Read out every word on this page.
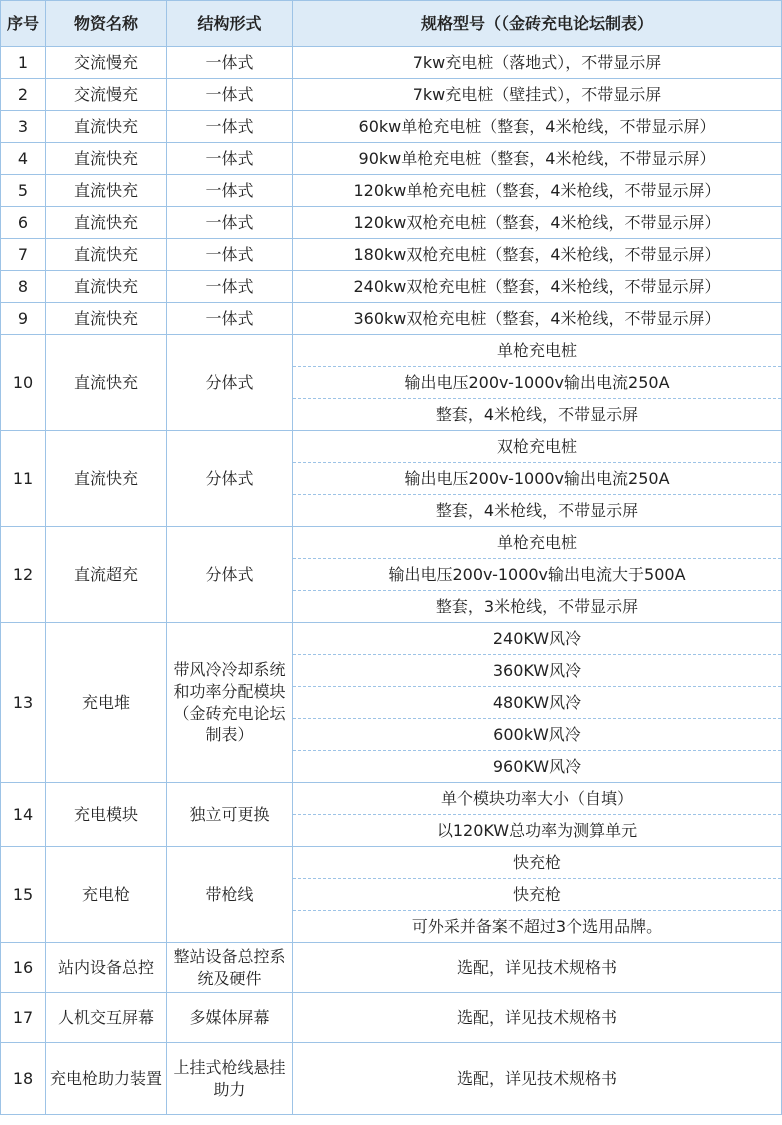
序号	物资名称	结构形式	规格型号（（金砖充电论坛制表）
1	交流慢充	一体式	7kw充电桩（落地式），不带显示屏
2	交流慢充	一体式	7kw充电桩（壁挂式），不带显示屏
3	直流快充	一体式	60kw单枪充电桩（整套，4米枪线，不带显示屏）
4	直流快充	一体式	90kw单枪充电桩（整套，4米枪线，不带显示屏）
5	直流快充	一体式	120kw单枪充电桩（整套，4米枪线，不带显示屏）
6	直流快充	一体式	120kw双枪充电桩（整套，4米枪线，不带显示屏）
7	直流快充	一体式	180kw双枪充电桩（整套，4米枪线，不带显示屏）
8	直流快充	一体式	240kw双枪充电桩（整套，4米枪线，不带显示屏）
9	直流快充	一体式	360kw双枪充电桩（整套，4米枪线，不带显示屏）
10	直流快充	分体式	单枪充电桩
			输出电压200v-1000v输出电流250A
			整套，4米枪线，不带显示屏
11	直流快充	分体式	双枪充电桩
			输出电压200v-1000v输出电流250A
			整套，4米枪线，不带显示屏
12	直流超充	分体式	单枪充电桩
			输出电压200v-1000v输出电流大于500A
			整套，3米枪线，不带显示屏
13	充电堆	带风冷冷却系统和功率分配模块（金砖充电论坛制表）	240KW风冷
			360KW风冷
			480KW风冷
			600kW风冷
			960KW风冷
14	充电模块	独立可更换	单个模块功率大小（自填）
			以120KW总功率为测算单元
15	充电枪	带枪线	快充枪
			快充枪
			可外采并备案不超过3个选用品牌。
16	站内设备总控	整站设备总控系统及硬件	选配，详见技术规格书
17	人机交互屏幕	多媒体屏幕	选配，详见技术规格书
18	充电枪助力装置	上挂式枪线悬挂助力	选配，详见技术规格书
